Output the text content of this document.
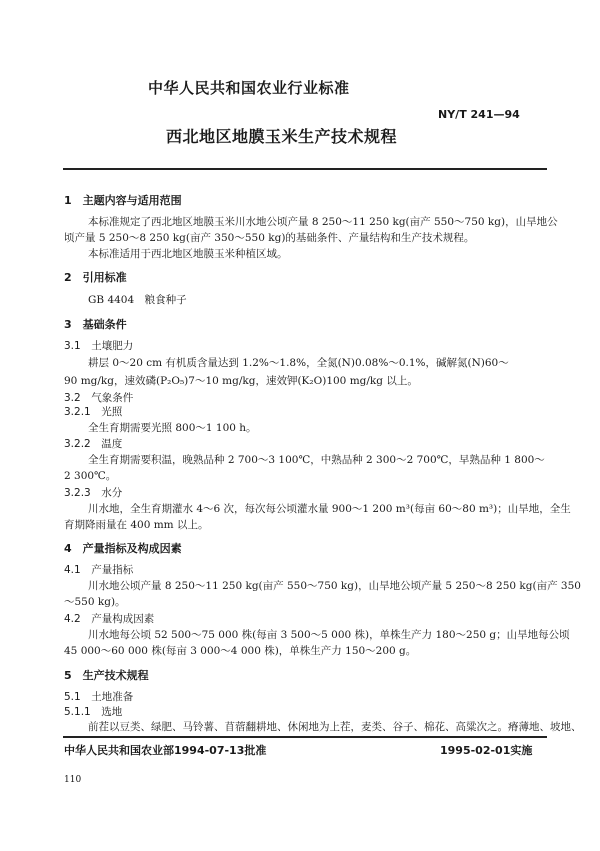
中华人民共和国农业行业标准
NY/T 241—94
西北地区地膜玉米生产技术规程
1　主题内容与适用范围
本标准规定了西北地区地膜玉米川水地公顷产量 8 250～11 250 kg(亩产 550～750 kg)，山旱地公
顷产量 5 250～8 250 kg(亩产 350～550 kg)的基础条件、产量结构和生产技术规程。
本标准适用于西北地区地膜玉米种植区域。
2　引用标准
GB 4404　粮食种子
3　基础条件
3.1　土壤肥力
耕层 0～20 cm 有机质含量达到 1.2%～1.8%，全氮(N)0.08%～0.1%，碱解氮(N)60～
90 mg/kg，速效磷(P₂O₅)7～10 mg/kg，速效钾(K₂O)100 mg/kg 以上。
3.2　气象条件
3.2.1　光照
全生育期需要光照 800～1 100 h。
3.2.2　温度
全生育期需要积温，晚熟品种 2 700～3 100℃，中熟品种 2 300～2 700℃，早熟品种 1 800～
2 300℃。
3.2.3　水分
川水地，全生育期灌水 4～6 次，每次每公顷灌水量 900～1 200 m³(每亩 60～80 m³)；山旱地，全生
育期降雨量在 400 mm 以上。
4　产量指标及构成因素
4.1　产量指标
川水地公顷产量 8 250～11 250 kg(亩产 550～750 kg)，山旱地公顷产量 5 250～8 250 kg(亩产 350
～550 kg)。
4.2　产量构成因素
川水地每公顷 52 500～75 000 株(每亩 3 500～5 000 株)，单株生产力 180～250 g；山旱地每公顷
45 000～60 000 株(每亩 3 000～4 000 株)，单株生产力 150～200 g。
5　生产技术规程
5.1　土地准备
5.1.1　选地
前茬以豆类、绿肥、马铃薯、苜蓿翻耕地、休闲地为上茬，麦类、谷子、棉花、高粱次之。瘠薄地、坡地、
中华人民共和国农业部1994-07-13批准	1995-02-01实施
110
